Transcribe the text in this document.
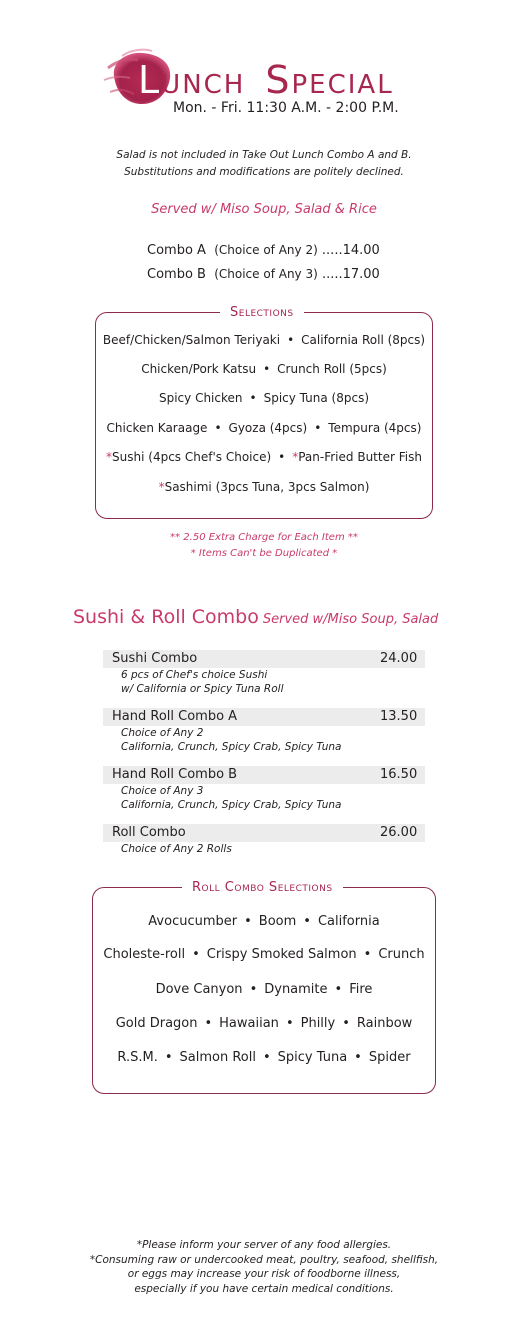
LUNCH SPECIAL
Mon. - Fri. 11:30 A.M. - 2:00 P.M.
Salad is not included in Take Out Lunch Combo A and B.
Substitutions and modifications are politely declined.
Served w/ Miso Soup, Salad & Rice
Combo A (Choice of Any 2) .....14.00
Combo B (Choice of Any 3) .....17.00
Selections
Beef/Chicken/Salmon Teriyaki • California Roll (8pcs)
Chicken/Pork Katsu • Crunch Roll (5pcs)
Spicy Chicken • Spicy Tuna (8pcs)
Chicken Karaage • Gyoza (4pcs) • Tempura (4pcs)
*Sushi (4pcs Chef's Choice) • *Pan-Fried Butter Fish
*Sashimi (3pcs Tuna, 3pcs Salmon)
** 2.50 Extra Charge for Each Item **
* Items Can't be Duplicated *
Sushi & Roll Combo Served w/Miso Soup, Salad
Sushi Combo	24.00
6 pcs of Chef's choice Sushi
w/ California or Spicy Tuna Roll
Hand Roll Combo A	13.50
Choice of Any 2
California, Crunch, Spicy Crab, Spicy Tuna
Hand Roll Combo B	16.50
Choice of Any 3
California, Crunch, Spicy Crab, Spicy Tuna
Roll Combo	26.00
Choice of Any 2 Rolls
Roll Combo Selections
Avocucumber • Boom • California
Choleste-roll • Crispy Smoked Salmon • Crunch
Dove Canyon • Dynamite • Fire
Gold Dragon • Hawaiian • Philly • Rainbow
R.S.M. • Salmon Roll • Spicy Tuna • Spider
*Please inform your server of any food allergies.
*Consuming raw or undercooked meat, poultry, seafood, shellfish,
or eggs may increase your risk of foodborne illness,
especially if you have certain medical conditions.
